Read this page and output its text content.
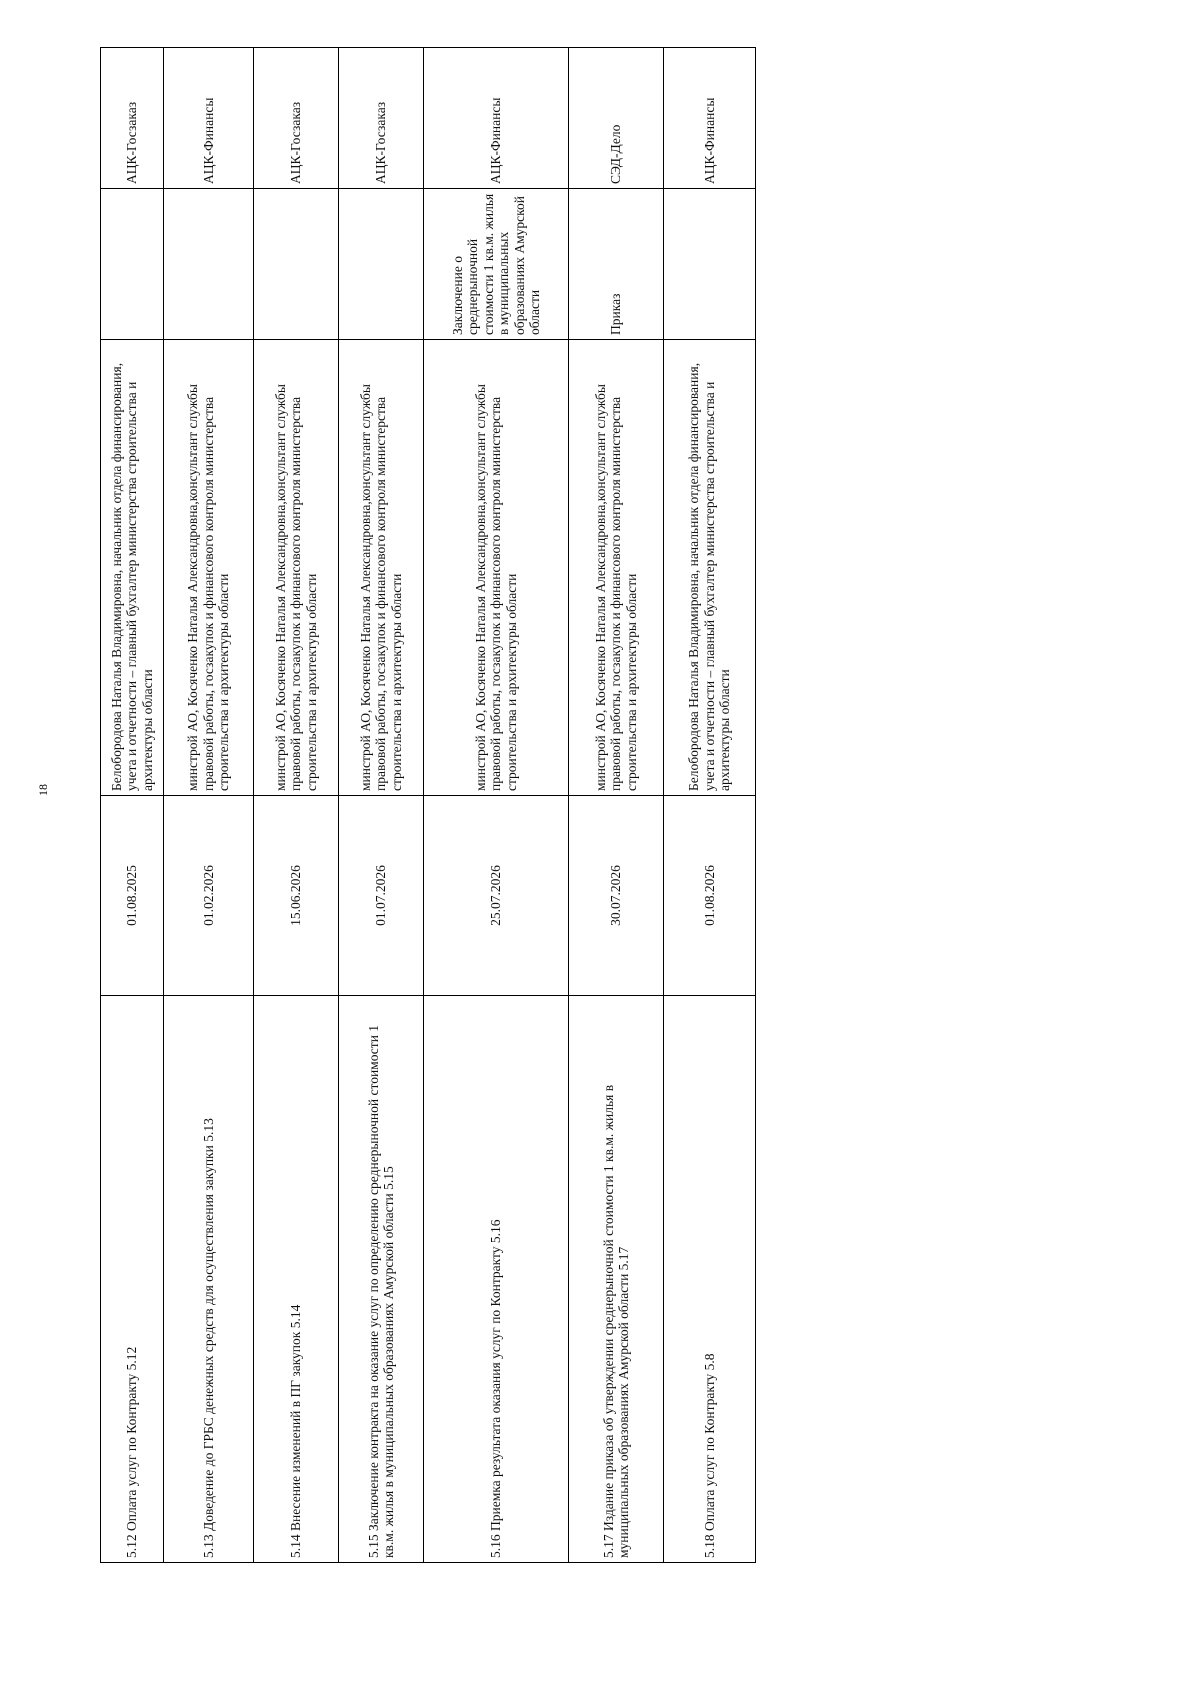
18
5.12 Оплата услуг по Контракту 5.12	01.08.2025	Белобородова Наталья Владимировна, начальник отдела финансирования, учета и отчетности – главный бухгалтер министерства строительства и архитектуры области		АЦК-Госзаказ
5.13 Доведение до ГРБС денежных средств для осуществления закупки 5.13	01.02.2026	минстрой АО, Косяченко Наталья Александровна,консультант службы правовой работы, госзакупок и финансового контроля министерства строительства и архитектуры области		АЦК-Финансы
5.14 Внесение изменений в ПГ закупок 5.14	15.06.2026	минстрой АО, Косяченко Наталья Александровна,консультант службы правовой работы, госзакупок и финансового контроля министерства строительства и архитектуры области		АЦК-Госзаказ
5.15 Заключение контракта на оказание услуг по определению среднерыночной стоимости 1 кв.м. жилья в муниципальных образованиях Амурской области 5.15	01.07.2026	минстрой АО, Косяченко Наталья Александровна,консультант службы правовой работы, госзакупок и финансового контроля министерства строительства и архитектуры области		АЦК-Госзаказ
5.16 Приемка результата оказания услуг по Контракту 5.16	25.07.2026	минстрой АО, Косяченко Наталья Александровна,консультант службы правовой работы, госзакупок и финансового контроля министерства строительства и архитектуры области	Заключение о среднерыночной стоимости 1 кв.м. жилья в муниципальных образованиях Амурской области	АЦК-Финансы
5.17 Издание приказа об утверждении среднерыночной стоимости 1 кв.м. жилья в муниципальных образованиях Амурской области 5.17	30.07.2026	минстрой АО, Косяченко Наталья Александровна,консультант службы правовой работы, госзакупок и финансового контроля министерства строительства и архитектуры области	Приказ	СЭД-Дело
5.18 Оплата услуг по Контракту 5.8	01.08.2026	Белобородова Наталья Владимировна, начальник отдела финансирования, учета и отчетности – главный бухгалтер министерства строительства и архитектуры области		АЦК-Финансы
